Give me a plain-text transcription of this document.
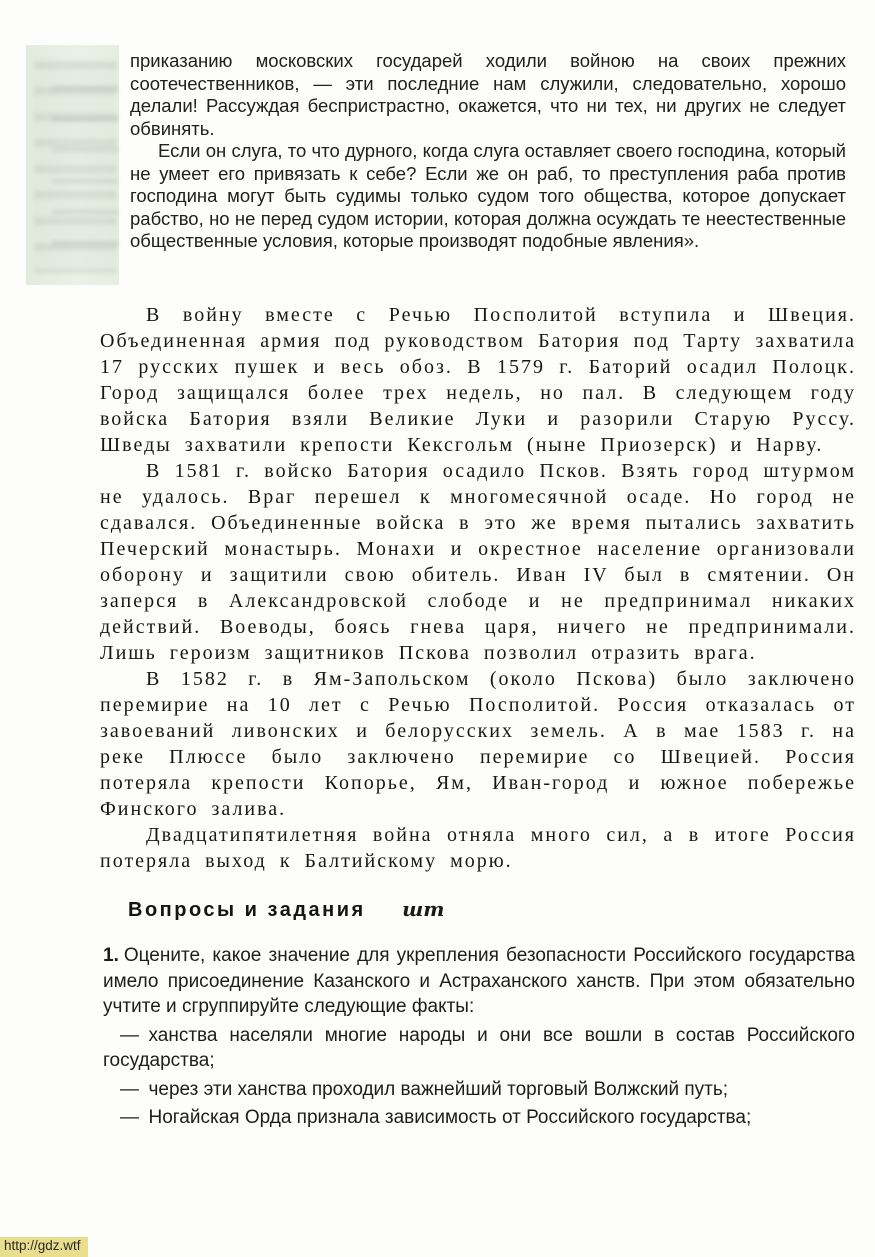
приказанию московских государей ходили войною на своих прежних соотечественников, — эти последние нам служили, следовательно, хорошо делали! Рассуждая беспристрастно, окажется, что ни тех, ни других не следует обвинять.

Если он слуга, то что дурного, когда слуга оставляет своего господина, который не умеет его привязать к себе? Если же он раб, то преступления раба против господина могут быть судимы только судом того общества, которое допускает рабство, но не перед судом истории, которая должна осуждать те неестественные общественные условия, которые производят подобные явления».

В войну вместе с Речью Посполитой вступила и Швеция. Объединенная армия под руководством Батория под Тарту захватила 17 русских пушек и весь обоз. В 1579 г. Баторий осадил Полоцк. Город защищался более трех недель, но пал. В следующем году войска Батория взяли Великие Луки и разорили Старую Руссу. Шведы захватили крепости Кексгольм (ныне Приозерск) и Нарву.

В 1581 г. войско Батория осадило Псков. Взять город штурмом не удалось. Враг перешел к многомесячной осаде. Но город не сдавался. Объединенные войска в это же время пытались захватить Печерский монастырь. Монахи и окрестное население организовали оборону и защитили свою обитель. Иван IV был в смятении. Он заперся в Александровской слободе и не предпринимал никаких действий. Воеводы, боясь гнева царя, ничего не предпринимали. Лишь героизм защитников Пскова позволил отразить врага.

В 1582 г. в Ям-Запольском (около Пскова) было заключено перемирие на 10 лет с Речью Посполитой. Россия отказалась от завоеваний ливонских и белорусских земель. А в мае 1583 г. на реке Плюссе было заключено перемирие со Швецией. Россия потеряла крепости Копорье, Ям, Иван-город и южное побережье Финского залива.

Двадцатипятилетняя война отняла много сил, а в итоге Россия потеряла выход к Балтийскому морю.

Вопросы и задания шт

1. Оцените, какое значение для укрепления безопасности Российского государства имело присоединение Казанского и Астраханского ханств. При этом обязательно учтите и сгруппируйте следующие факты:

— ханства населяли многие народы и они все вошли в состав Российского государства;

— через эти ханства проходил важнейший торговый Волжский путь;

— Ногайская Орда признала зависимость от Российского государства;

http://gdz.wtf
